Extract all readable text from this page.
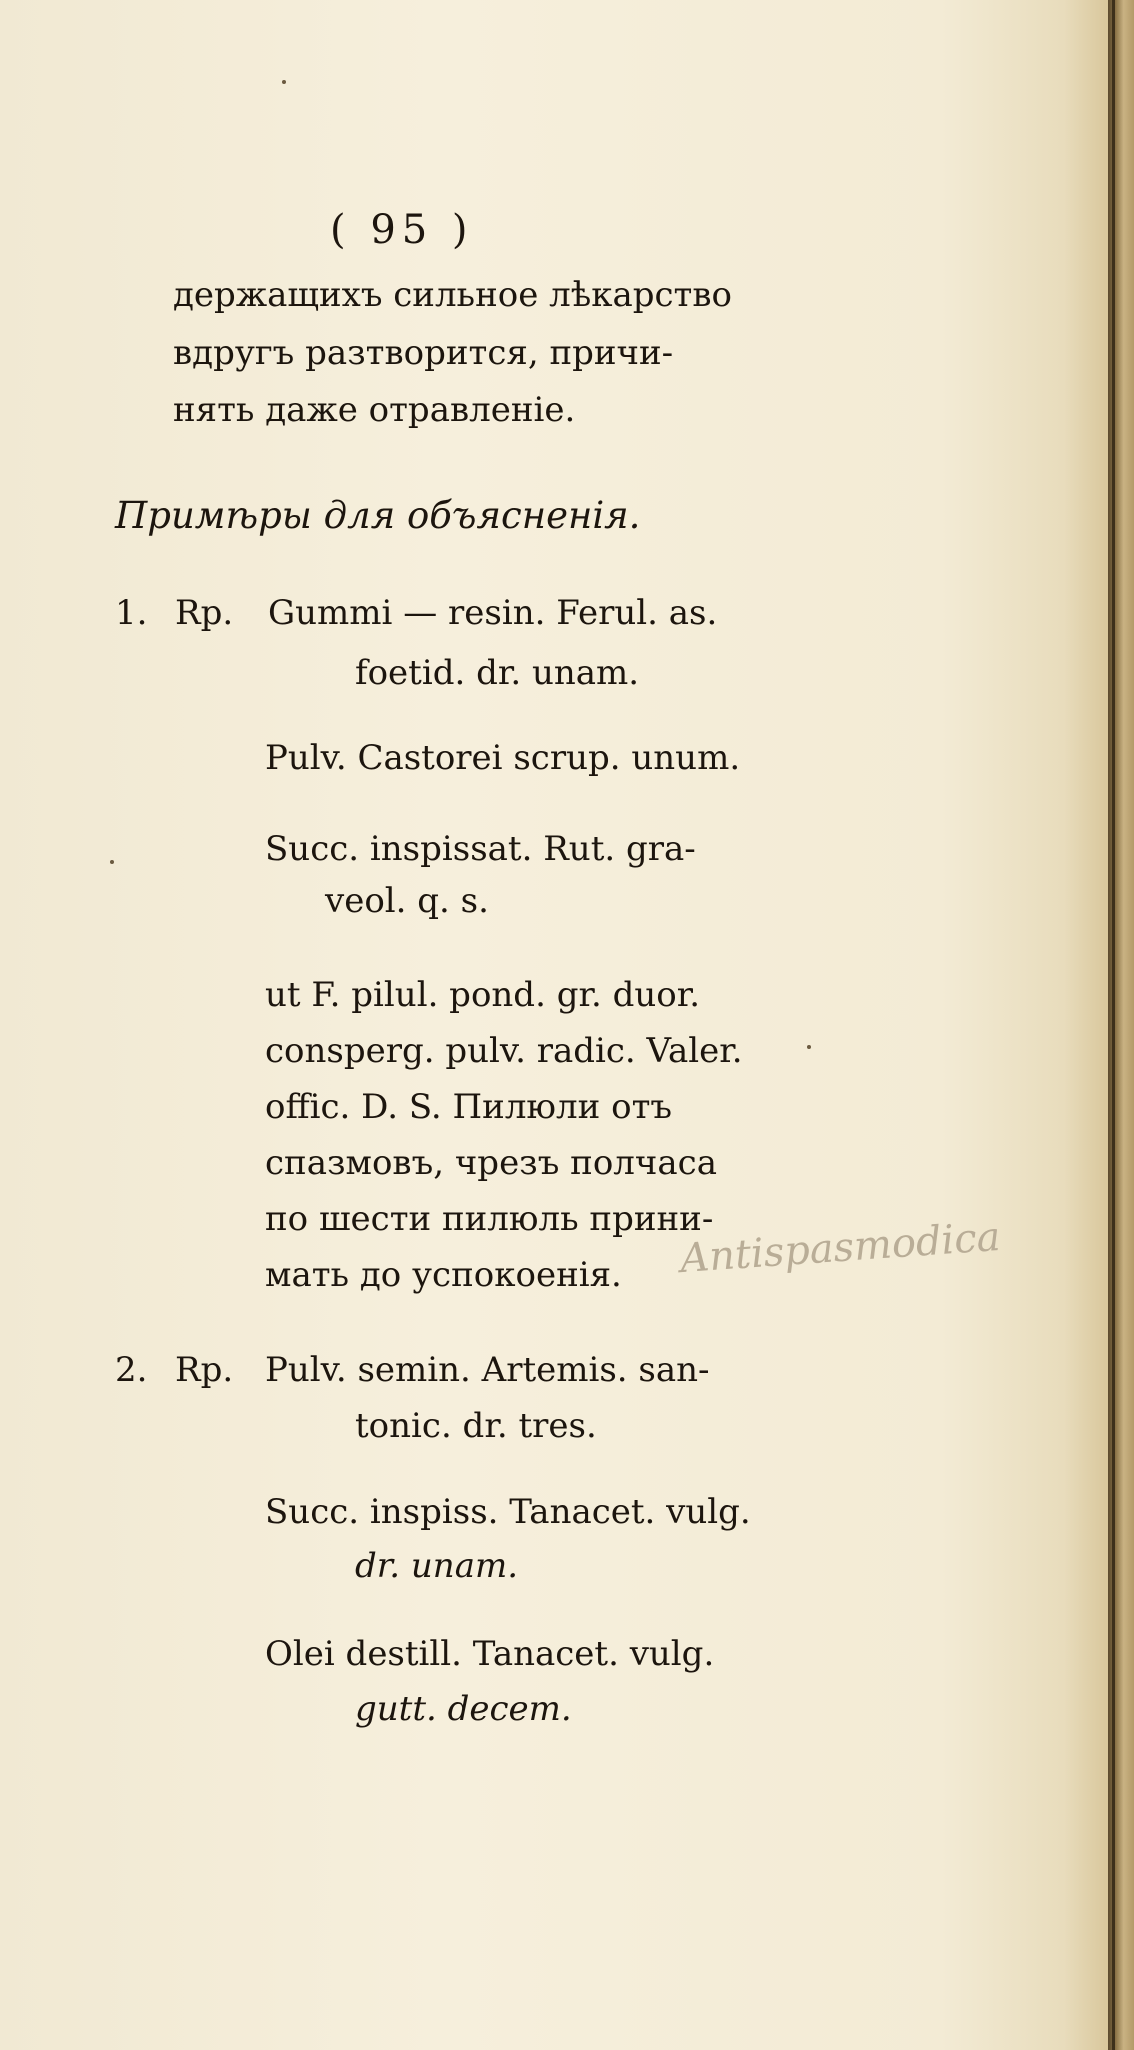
( 95 )
держащихъ сильное лѣкарство
вдругъ разтворится, причи-
нять даже отравленіе.
Примѣры для объясненія.
1. Rp. Gummi — resin. Ferul. as.
foetid. dr. unam.
Pulv. Castorei scrup. unum.
Succ. inspissat. Rut. gra-
veol. q. s.
ut F. pilul. pond. gr. duor.
consperg. pulv. radic. Valer.
offic. D. S. Пилюли отъ
спазмовъ, чрезъ полчаса
по шести пилюль прини-
мать до успокоенія. Antispasmodica
2. Rp. Pulv. semin. Artemis. san-
tonic. dr. tres.
Succ. inspiss. Tanacet. vulg.
dr. unam.
Olei destill. Tanacet. vulg.
gutt. decem.
